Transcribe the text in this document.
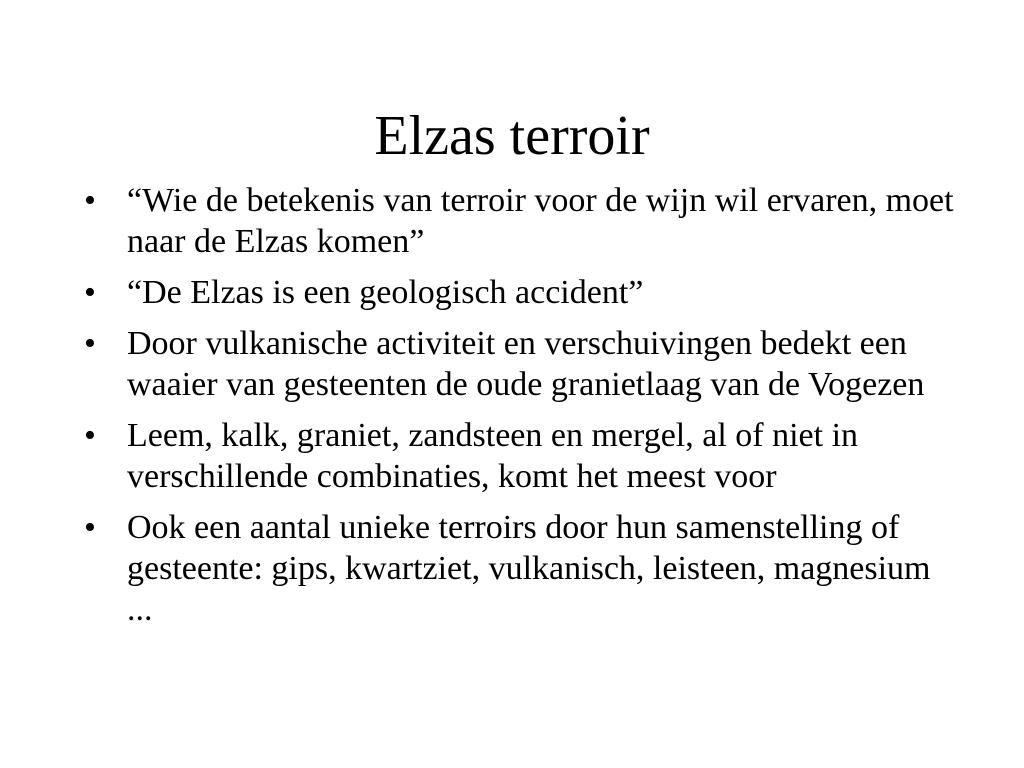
Elzas terroir
• “Wie de betekenis van terroir voor de wijn wil ervaren, moet naar de Elzas komen”
• “De Elzas is een geologisch accident”
• Door vulkanische activiteit en verschuivingen bedekt een waaier van gesteenten de oude granietlaag van de Vogezen
• Leem, kalk, graniet, zandsteen en mergel, al of niet in verschillende combinaties, komt het meest voor
• Ook een aantal unieke terroirs door hun samenstelling of gesteente: gips, kwartziet, vulkanisch, leisteen, magnesium ...
